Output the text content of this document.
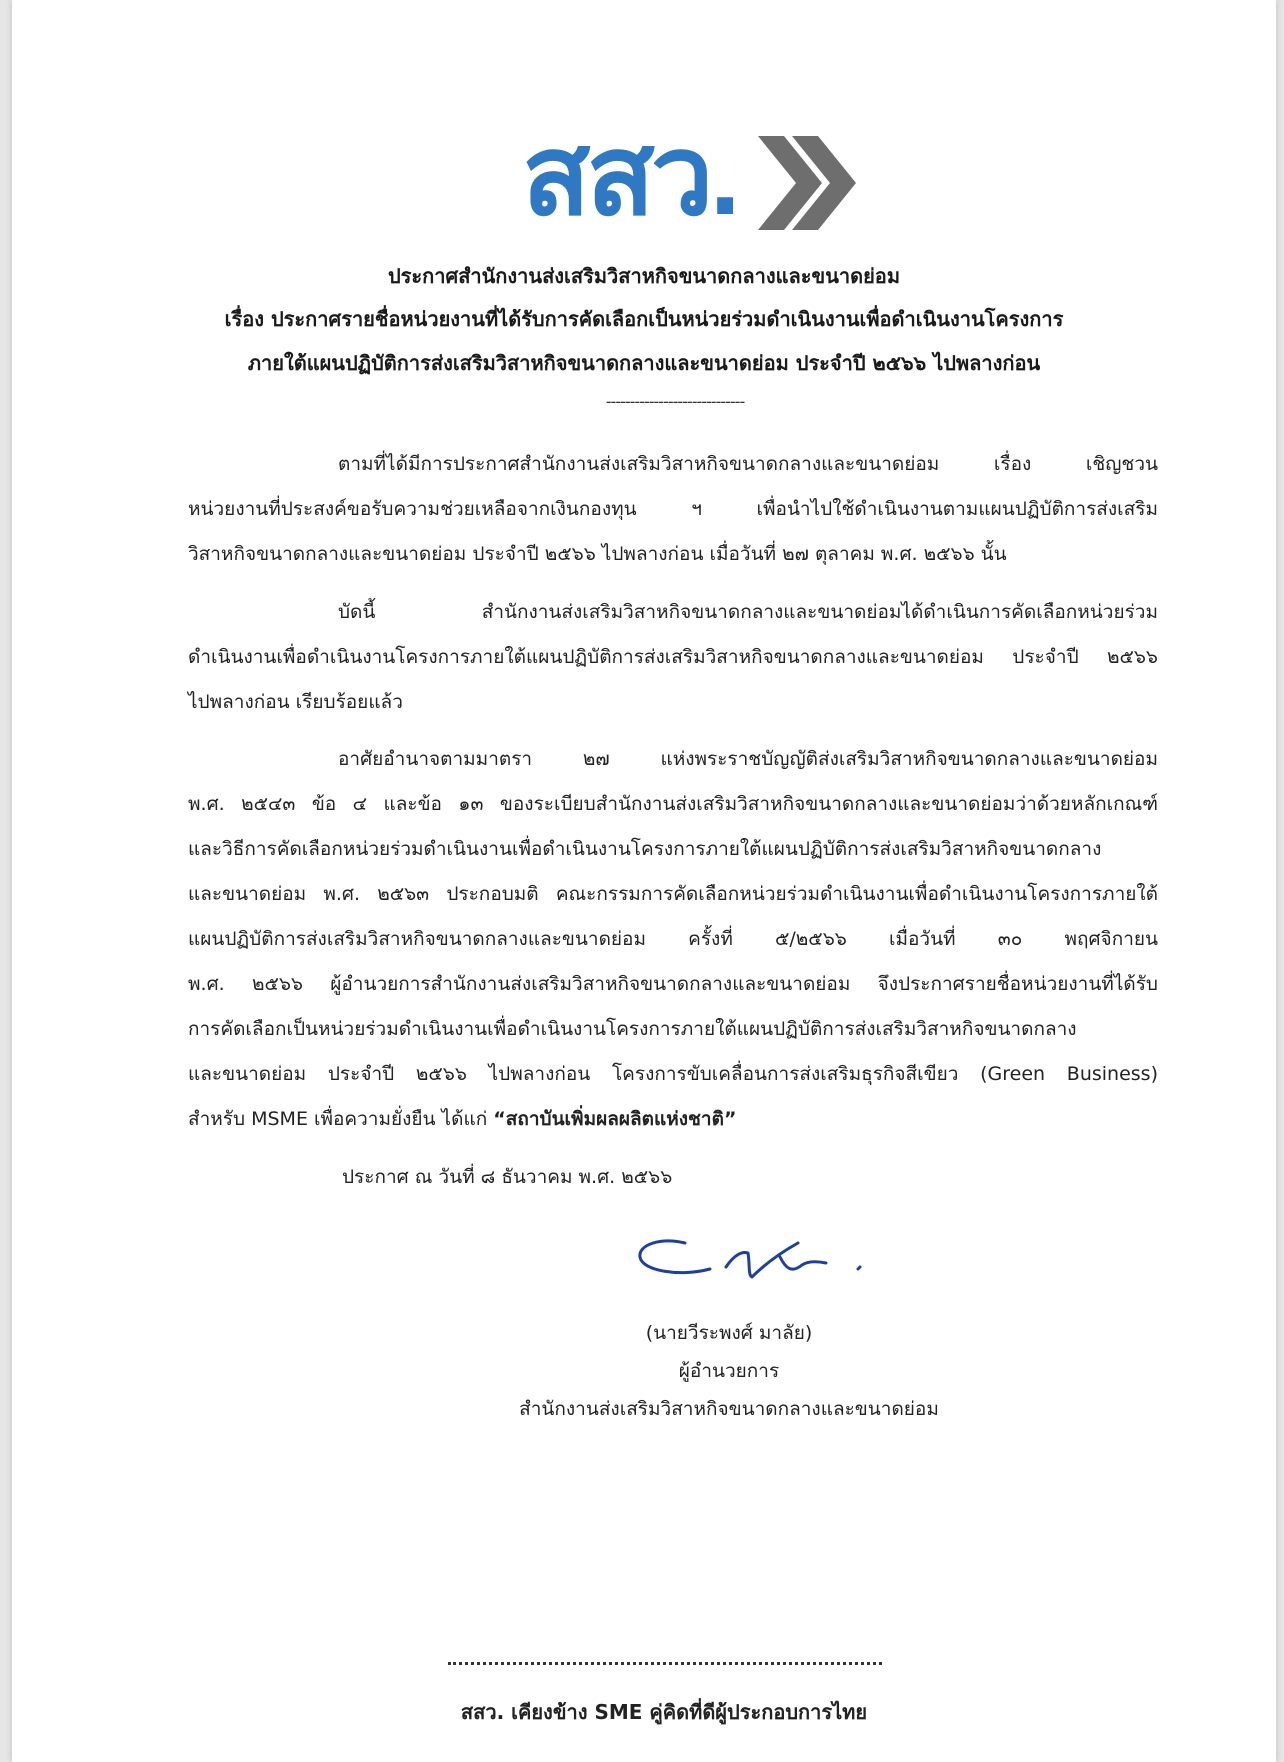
สสว.
ประกาศสำนักงานส่งเสริมวิสาหกิจขนาดกลางและขนาดย่อม
เรื่อง ประกาศรายชื่อหน่วยงานที่ได้รับการคัดเลือกเป็นหน่วยร่วมดำเนินงานเพื่อดำเนินงานโครงการ
ภายใต้แผนปฏิบัติการส่งเสริมวิสาหกิจขนาดกลางและขนาดย่อม ประจำปี ๒๕๖๖ ไปพลางก่อน
-----------------------------
ตามที่ได้มีการประกาศสำนักงานส่งเสริมวิสาหกิจขนาดกลางและขนาดย่อม เรื่อง เชิญชวน
หน่วยงานที่ประสงค์ขอรับความช่วยเหลือจากเงินกองทุน ฯ เพื่อนำไปใช้ดำเนินงานตามแผนปฏิบัติการส่งเสริม
วิสาหกิจขนาดกลางและขนาดย่อม ประจำปี ๒๕๖๖ ไปพลางก่อน เมื่อวันที่ ๒๗ ตุลาคม พ.ศ. ๒๕๖๖ นั้น
บัดนี้ สำนักงานส่งเสริมวิสาหกิจขนาดกลางและขนาดย่อมได้ดำเนินการคัดเลือกหน่วยร่วม
ดำเนินงานเพื่อดำเนินงานโครงการภายใต้แผนปฏิบัติการส่งเสริมวิสาหกิจขนาดกลางและขนาดย่อม ประจำปี ๒๕๖๖
ไปพลางก่อน เรียบร้อยแล้ว
อาศัยอำนาจตามมาตรา ๒๗ แห่งพระราชบัญญัติส่งเสริมวิสาหกิจขนาดกลางและขนาดย่อม
พ.ศ. ๒๕๔๓ ข้อ ๔ และข้อ ๑๓ ของระเบียบสำนักงานส่งเสริมวิสาหกิจขนาดกลางและขนาดย่อมว่าด้วยหลักเกณฑ์
และวิธีการคัดเลือกหน่วยร่วมดำเนินงานเพื่อดำเนินงานโครงการภายใต้แผนปฏิบัติการส่งเสริมวิสาหกิจขนาดกลาง
และขนาดย่อม พ.ศ. ๒๕๖๓ ประกอบมติ คณะกรรมการคัดเลือกหน่วยร่วมดำเนินงานเพื่อดำเนินงานโครงการภายใต้
แผนปฏิบัติการส่งเสริมวิสาหกิจขนาดกลางและขนาดย่อม ครั้งที่ ๕/๒๕๖๖ เมื่อวันที่ ๓๐ พฤศจิกายน
พ.ศ. ๒๕๖๖ ผู้อำนวยการสำนักงานส่งเสริมวิสาหกิจขนาดกลางและขนาดย่อม จึงประกาศรายชื่อหน่วยงานที่ได้รับ
การคัดเลือกเป็นหน่วยร่วมดำเนินงานเพื่อดำเนินงานโครงการภายใต้แผนปฏิบัติการส่งเสริมวิสาหกิจขนาดกลาง
และขนาดย่อม ประจำปี ๒๕๖๖ ไปพลางก่อน โครงการขับเคลื่อนการส่งเสริมธุรกิจสีเขียว (Green Business)
สำหรับ MSME เพื่อความยั่งยืน ได้แก่ “สถาบันเพิ่มผลผลิตแห่งชาติ”
ประกาศ ณ วันที่ ๘ ธันวาคม พ.ศ. ๒๕๖๖
(นายวีระพงศ์ มาลัย)
ผู้อำนวยการ
สำนักงานส่งเสริมวิสาหกิจขนาดกลางและขนาดย่อม
สสว. เคียงข้าง SME คู่คิดที่ดีผู้ประกอบการไทย
